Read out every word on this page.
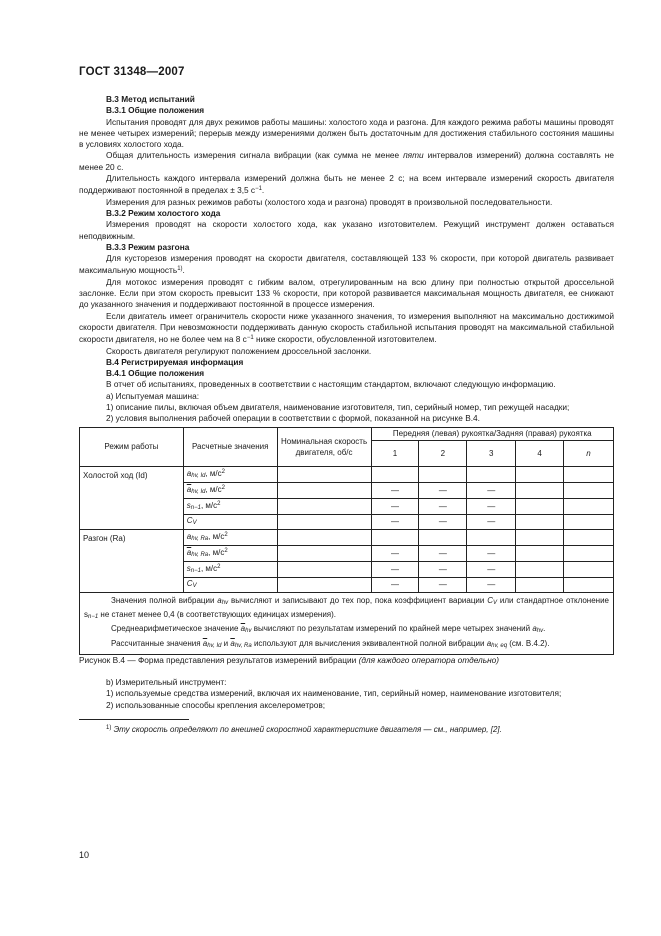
ГОСТ 31348—2007

В.3 Метод испытаний

В.3.1 Общие положения

Испытания проводят для двух режимов работы машины: холостого хода и разгона. Для каждого режима работы машины проводят не менее четырех измерений; перерыв между измерениями должен быть достаточным для достижения стабильного состояния машины в условиях холостого хода.

Общая длительность измерения сигнала вибрации (как сумма не менее пяти интервалов измерений) должна составлять не менее 20 с.

Длительность каждого интервала измерений должна быть не менее 2 с; на всем интервале измерений скорость двигателя поддерживают постоянной в пределах ± 3,5 $с^{-1}$.

Измерения для разных режимов работы (холостого хода и разгона) проводят в произвольной последовательности.

В.3.2 Режим холостого хода

Измерения проводят на скорости холостого хода, как указано изготовителем. Режущий инструмент должен оставаться неподвижным.

В.3.3 Режим разгона

Для кусторезов измерения проводят на скорости двигателя, составляющей 133 % скорости, при которой двигатель развивает максимальную мощность$^{1)}$.

Для мотокос измерения проводят с гибким валом, отрегулированным на всю длину при полностью открытой дроссельной заслонке. Если при этом скорость превысит 133 % скорости, при которой развивается максимальная мощность двигателя, ее снижают до указанного значения и поддерживают постоянной в процессе измерения.

Если двигатель имеет ограничитель скорости ниже указанного значения, то измерения выполняют на максимально достижимой скорости двигателя. При невозможности поддерживать данную скорость стабильной испытания проводят на максимальной стабильной скорости двигателя, но не более чем на 8 $с^{-1}$ ниже скорости, обусловленной изготовителем.

Скорость двигателя регулируют положением дроссельной заслонки.

В.4 Регистрируемая информация

В.4.1 Общие положения

В отчет об испытаниях, проведенных в соответствии с настоящим стандартом, включают следующую информацию.

а) Испытуемая машина:

1) описание пилы, включая объем двигателя, наименование изготовителя, тип, серийный номер, тип режущей насадки;

2) условия выполнения рабочей операции в соответствии с формой, показанной на рисунке В.4.

Режим работы	Расчетные значения	Номинальная скорость двигателя, об/с	Передняя (левая) рукоятка/Задняя (правая) рукоятка				
			1	2	3	4	n
Холостой ход (Id)	ahv, Id, $м/с^2$						
	$\overline{a}hv$, Id, $м/с^2$		—	—	—		
	sn−1, $м/с^2$		—	—	—		
	CV		—	—	—		
Разгон (Ra)	ahv, Ra, $м/с^2$						
	$\overline{a}hv$, Ra, $м/с^2$		—	—	—		
	sn−1, $м/с^2$		—	—	—		
	CV		—	—	—		

Значения полной вибрации ahv вычисляют и записывают до тех пор, пока коэффициент вариации CV или стандартное отклонение sn−1 не станет менее 0,4 (в соответствующих единицах измерения).

Среднеарифметическое значение $\overline{a}hv$ вычисляют по результатам измерений по крайней мере четырех значений ahv.

Рассчитанные значения $\overline{a}hv$, Id и $\overline{a}hv$, Ra используют для вычисления эквивалентной полной вибрации ahv, eq (см. В.4.2).							

Рисунок В.4 — Форма представления результатов измерений вибрации (для каждого оператора отдельно)

b) Измерительный инструмент:

1) используемые средства измерений, включая их наименование, тип, серийный номер, наименование изготовителя;

2) использованные способы крепления акселерометров;

$^{1)}$ Эту скорость определяют по внешней скоростной характеристике двигателя — см., например, [2].

10
